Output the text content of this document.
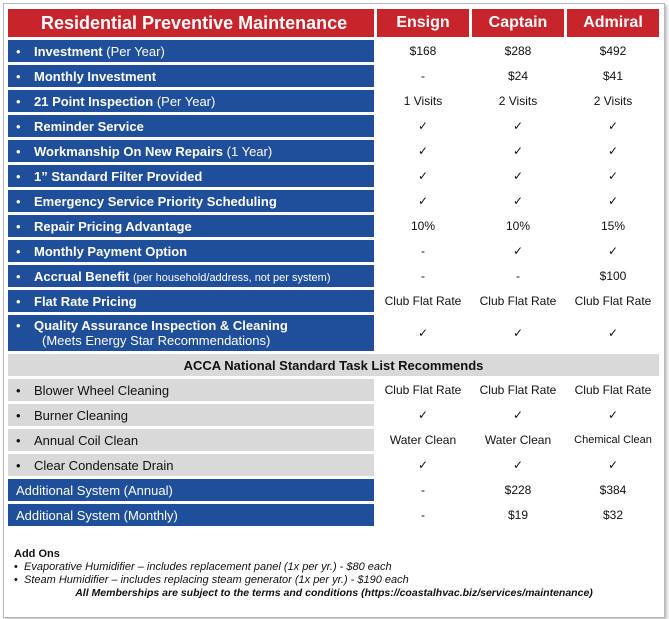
Residential Preventive Maintenance	Ensign	Captain	Admiral
• Investment (Per Year)	$168	$288	$492
• Monthly Investment	-	$24	$41
• 21 Point Inspection (Per Year)	1 Visits	2 Visits	2 Visits
• Reminder Service	✓	✓	✓
• Workmanship On New Repairs (1 Year)	✓	✓	✓
• 1” Standard Filter Provided	✓	✓	✓
• Emergency Service Priority Scheduling	✓	✓	✓
• Repair Pricing Advantage	10%	10%	15%
• Monthly Payment Option	-	✓	✓
• Accrual Benefit (per household/address, not per system)	-	-	$100
• Flat Rate Pricing	Club Flat Rate	Club Flat Rate	Club Flat Rate
• Quality Assurance Inspection & Cleaning
(Meets Energy Star Recommendations)	✓	✓	✓
ACCA National Standard Task List Recommends			
• Blower Wheel Cleaning	Club Flat Rate	Club Flat Rate	Club Flat Rate
• Burner Cleaning	✓	✓	✓
• Annual Coil Clean	Water Clean	Water Clean	Chemical Clean
• Clear Condensate Drain	✓	✓	✓
Additional System (Annual)	-	$228	$384
Additional System (Monthly)	-	$19	$32
Add Ons
• Evaporative Humidifier – includes replacement panel (1x per yr.) - $80 each
• Steam Humidifier – includes replacing steam generator (1x per yr.) - $190 each
All Memberships are subject to the terms and conditions (https://coastalhvac.biz/services/maintenance)
